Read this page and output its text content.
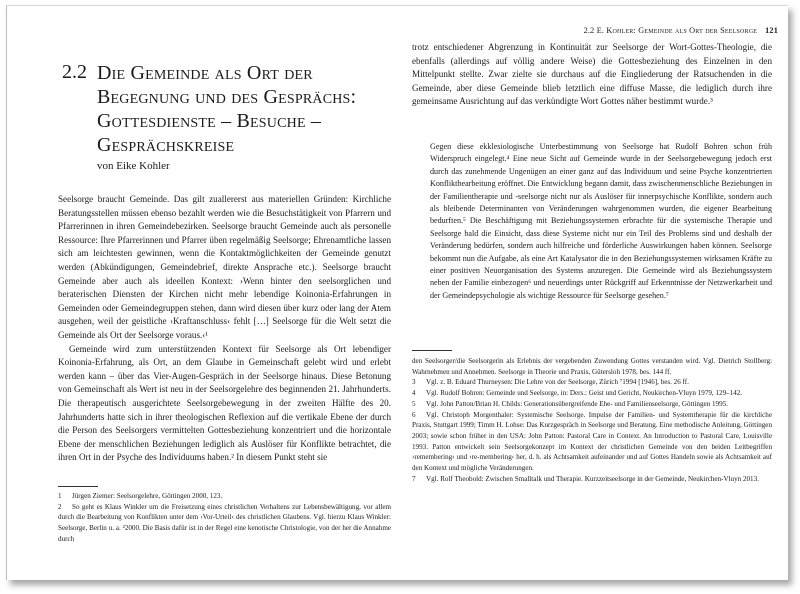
2.2 Die Gemeinde als Ort der Begegnung und des Gesprächs: Gottesdienste – Besuche – Gesprächskreise
von Eike Kohler

Seelsorge braucht Gemeinde. Das gilt zuallererst aus materiellen Gründen: Kirchliche Beratungsstellen müssen ebenso bezahlt werden wie die Besuchstätigkeit von Pfarrern und Pfarrerinnen in ihren Gemeindebezirken. Seelsorge braucht Gemeinde auch als personelle Ressource: Ihre Pfarrerinnen und Pfarrer üben regelmäßig Seelsorge; Ehrenamtliche lassen sich am leichtesten gewinnen, wenn die Kontaktmöglichkeiten der Gemeinde genutzt werden (Abkündigungen, Gemeindebrief, direkte Ansprache etc.). Seelsorge braucht Gemeinde aber auch als ideellen Kontext: ›Wenn hinter den seelsorglichen und beraterischen Diensten der Kirchen nicht mehr lebendige Koinonia-Erfahrungen in Gemeinden oder Gemeindegruppen stehen, dann wird diesen über kurz oder lang der Atem ausgehen, weil der geistliche ›Kraftanschluss‹ fehlt […] Seelsorge für die Welt setzt die Gemeinde als Ort der Seelsorge voraus.‹¹

Gemeinde wird zum unterstützenden Kontext für Seelsorge als Ort lebendiger Koinonia-Erfahrung, als Ort, an dem Glaube in Gemeinschaft gelebt wird und erlebt werden kann – über das Vier-Augen-Gespräch in der Seelsorge hinaus. Diese Betonung von Gemeinschaft als Wert ist neu in der Seelsorgelehre des beginnenden 21. Jahrhunderts. Die therapeutisch ausgerichtete Seelsorgebewegung in der zweiten Hälfte des 20. Jahrhunderts hatte sich in ihrer theologischen Reflexion auf die vertikale Ebene der durch die Person des Seelsorgers vermittelten Gottesbeziehung konzentriert und die horizontale Ebene der menschlichen Beziehungen lediglich als Auslöser für Konflikte betrachtet, die ihren Ort in der Psyche des Individuums haben.² In diesem Punkt steht sie

1 Jürgen Ziemer: Seelsorgelehre, Göttingen 2000, 123.

2 So geht es Klaus Winkler um die Freisetzung eines christlichen Verhaltens zur Lebensbewältigung, vor allem durch die Bearbeitung von Konflikten unter dem ›Vor-Urteil‹ des christlichen Glaubens. Vgl. hierzu Klaus Winkler: Seelsorge, Berlin u. a. ²2000. Die Basis dafür ist in der Regel eine kenotische Christologie, von der her die Annahme durch

2.2 E. Kohler: Gemeinde als Ort der Seelsorge 121

trotz entschiedener Abgrenzung in Kontinuität zur Seelsorge der Wort-Gottes-Theologie, die ebenfalls (allerdings auf völlig andere Weise) die Gottesbeziehung des Einzelnen in den Mittelpunkt stellte. Zwar zielte sie durchaus auf die Eingliederung der Ratsuchenden in die Gemeinde, aber diese Gemeinde blieb letztlich eine diffuse Masse, die lediglich durch ihre gemeinsame Ausrichtung auf das verkündigte Wort Gottes näher bestimmt wurde.³

Gegen diese ekklesiologische Unterbestimmung von Seelsorge hat Rudolf Bohren schon früh Widerspruch eingelegt.⁴ Eine neue Sicht auf Gemeinde wurde in der Seelsorgebewegung jedoch erst durch das zunehmende Ungenügen an einer ganz auf das Individuum und seine Psyche konzentrierten Konfliktbearbeitung eröffnet. Die Entwicklung begann damit, dass zwischenmenschliche Beziehungen in der Familientherapie und -seelsorge nicht nur als Auslöser für innerpsychische Konflikte, sondern auch als bleibende Determinanten von Veränderungen wahrgenommen wurden, die eigener Bearbeitung bedurften.⁵ Die Beschäftigung mit Beziehungssystemen erbrachte für die systemische Therapie und Seelsorge bald die Einsicht, dass diese Systeme nicht nur ein Teil des Problems sind und deshalb der Veränderung bedürfen, sondern auch hilfreiche und förderliche Auswirkungen haben können. Seelsorge bekommt nun die Aufgabe, als eine Art Katalysator die in den Beziehungssystemen wirksamen Kräfte zu einer positiven Neuorganisation des Systems anzuregen. Die Gemeinde wird als Beziehungssystem neben der Familie einbezogen⁶ und neuerdings unter Rückgriff auf Erkenntnisse der Netzwerkarbeit und der Gemeindepsychologie als wichtige Ressource für Seelsorge gesehen.⁷

den Seelsorger/die Seelsorgerin als Erlebnis der vergebenden Zuwendung Gottes verstanden wird. Vgl. Dietrich Stollberg: Wahrnehmen und Annehmen. Seelsorge in Theorie und Praxis, Gütersloh 1978, bes. 144 ff.

3 Vgl. z. B. Eduard Thurneysen: Die Lehre von der Seelsorge, Zürich ⁷1994 [1946], bes. 26 ff.

4 Vgl. Rudolf Bohren: Gemeinde und Seelsorge, in: Ders.: Geist und Gericht, Neukirchen-Vluyn 1979, 129–142.

5 Vgl. John Patton/Brian H. Childs: Generationsübergreifende Ehe- und Familienseelsorge, Göttingen 1995.

6 Vgl. Christoph Morgenthaler: Systemische Seelsorge. Impulse der Familien- und Systemtherapie für die kirchliche Praxis, Stuttgart 1999; Timm H. Lohse: Das Kurzgespräch in Seelsorge und Beratung. Eine methodische Anleitung, Göttingen 2003; sowie schon früher in den USA: John Patton: Pastoral Care in Context. An Introduction to Pastoral Care, Louisville 1993. Patton entwickelt sein Seelsorgekonzept im Kontext der christlichen Gemeinde von den beiden Leitbegriffen ›remembering‹ und ›re-membering‹ her, d. h. als Achtsamkeit aufeinander und auf Gottes Handeln sowie als Achtsamkeit auf den Kontext und mögliche Veränderungen.

7 Vgl. Rolf Theobold: Zwischen Smalltalk und Therapie. Kurzzeitseelsorge in der Gemeinde, Neukirchen-Vluyn 2013.
